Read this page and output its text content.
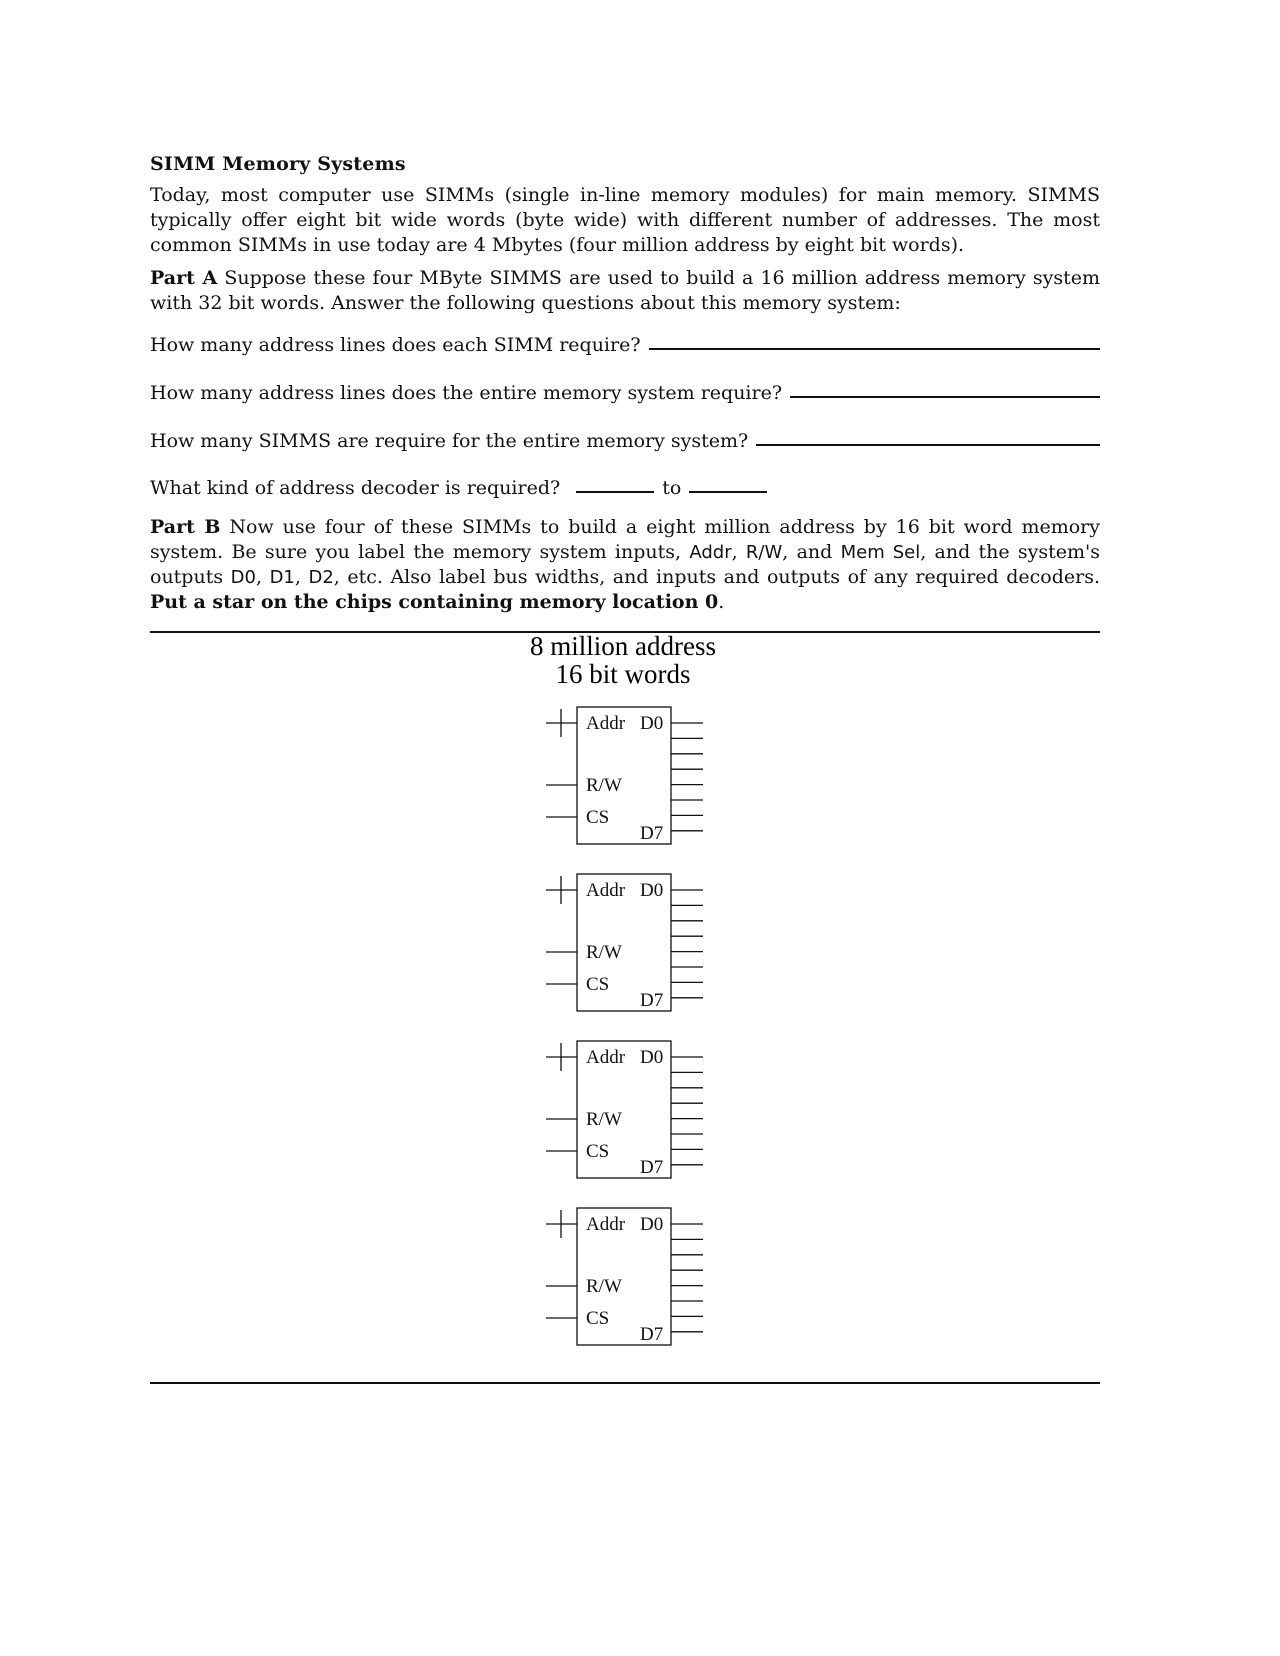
SIMM Memory Systems
Today, most computer use SIMMs (single in-line memory modules) for main memory. SIMMS typically offer eight bit wide words (byte wide) with different number of addresses. The most common SIMMs in use today are 4 Mbytes (four million address by eight bit words).
Part A Suppose these four MByte SIMMS are used to build a 16 million address memory system with 32 bit words. Answer the following questions about this memory system:
How many address lines does each SIMM require?
How many address lines does the entire memory system require?
How many SIMMS are require for the entire memory system?
What kind of address decoder is required?	to
Part B Now use four of these SIMMs to build a eight million address by 16 bit word memory system. Be sure you label the memory system inputs, Addr, R/W, and Mem Sel, and the system's outputs D0, D1, D2, etc. Also label bus widths, and inputs and outputs of any required decoders. Put a star on the chips containing memory location 0.
8 million address
16 bit words
Addr D0
R/W
CS
D7
Addr D0
R/W
CS
D7
Addr D0
R/W
CS
D7
Addr D0
R/W
CS
D7
